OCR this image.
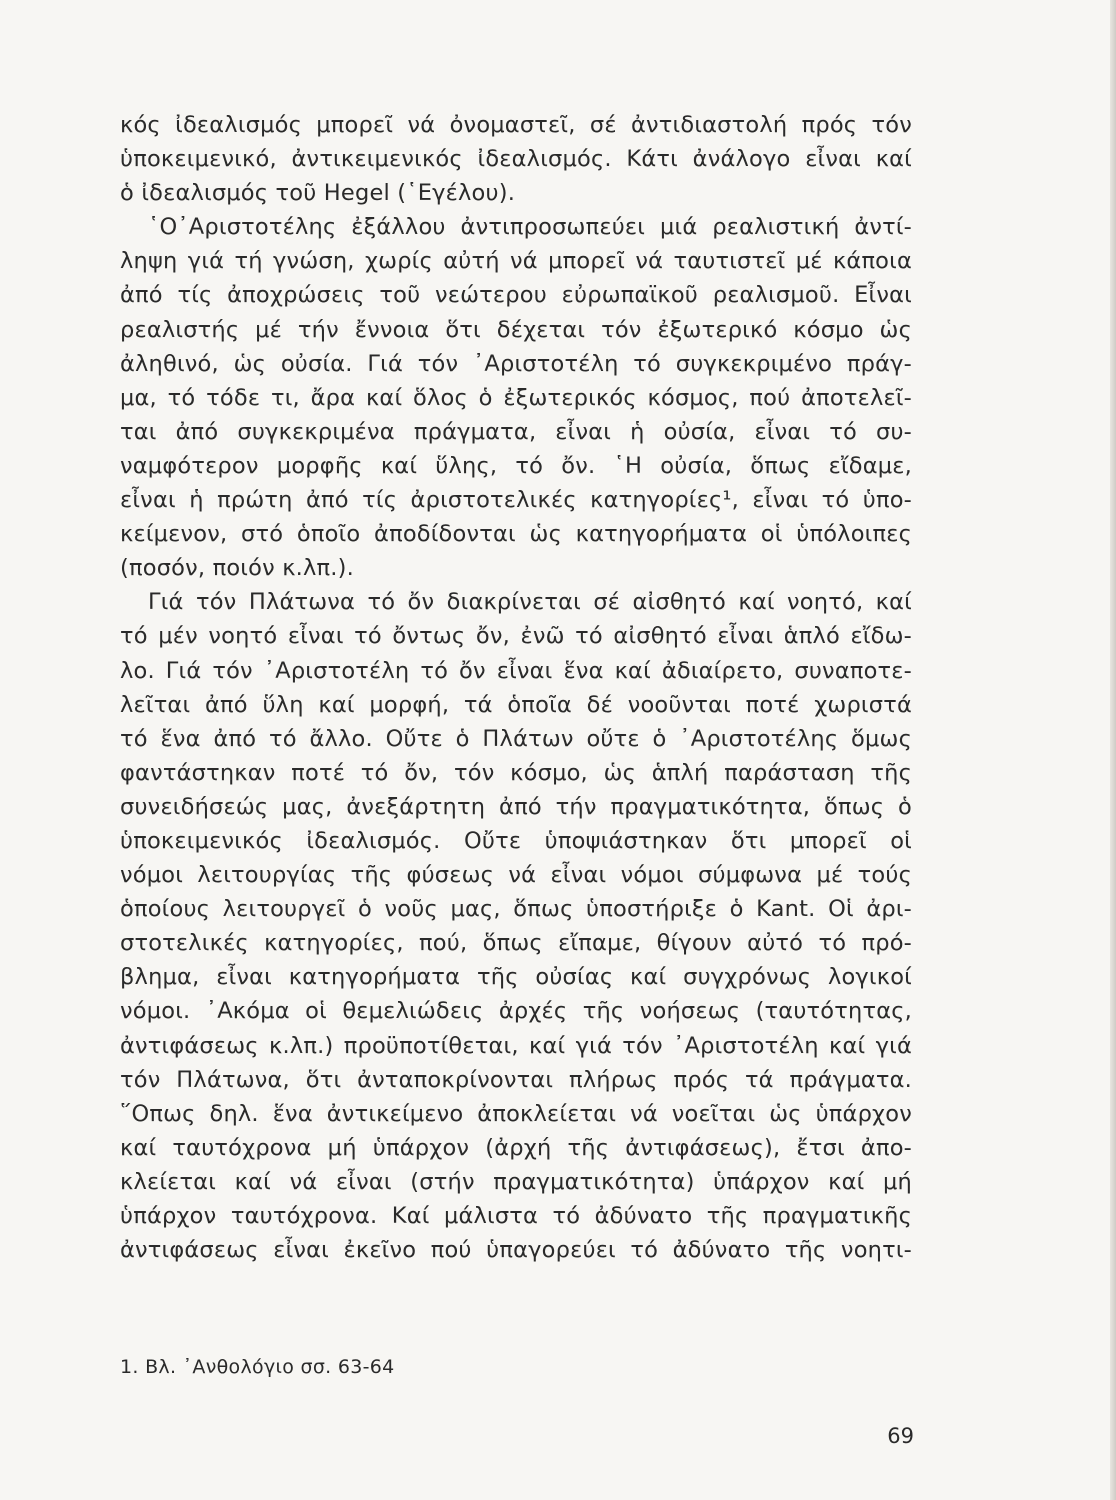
κός ἰδεαλισμός μπορεῖ νά ὀνομαστεῖ, σέ ἀντιδιαστολή πρός τόν
ὑποκειμενικό, ἀντικειμενικός ἰδεαλισμός. Κάτι ἀνάλογο εἶναι καί
ὁ ἰδεαλισμός τοῦ Hegel (῾Εγέλου).
῾Ο᾿Αριστοτέλης ἐξάλλου ἀντιπροσωπεύει μιά ρεαλιστική ἀντί-
ληψη γιά τή γνώση, χωρίς αὐτή νά μπορεῖ νά ταυτιστεῖ μέ κάποια
ἀπό τίς ἀποχρώσεις τοῦ νεώτερου εὐρωπαϊκοῦ ρεαλισμοῦ. Εἶναι
ρεαλιστής μέ τήν ἔννοια ὅτι δέχεται τόν ἐξωτερικό κόσμο ὡς
ἀληθινό, ὡς οὐσία. Γιά τόν ᾿Αριστοτέλη τό συγκεκριμένο πράγ-
μα, τό τόδε τι, ἄρα καί ὅλος ὁ ἐξωτερικός κόσμος, πού ἀποτελεῖ-
ται ἀπό συγκεκριμένα πράγματα, εἶναι ἡ οὐσία, εἶναι τό συ-
ναμφότερον μορφῆς καί ὕλης, τό ὄν. ῾Η οὐσία, ὅπως εἴδαμε,
εἶναι ἡ πρώτη ἀπό τίς ἀριστοτελικές κατηγορίες¹, εἶναι τό ὑπο-
κείμενον, στό ὁποῖο ἀποδίδονται ὡς κατηγορήματα οἱ ὑπόλοιπες
(ποσόν, ποιόν κ.λπ.).
Γιά τόν Πλάτωνα τό ὄν διακρίνεται σέ αἰσθητό καί νοητό, καί
τό μέν νοητό εἶναι τό ὄντως ὄν, ἐνῶ τό αἰσθητό εἶναι ἁπλό εἴδω-
λο. Γιά τόν ᾿Αριστοτέλη τό ὄν εἶναι ἕνα καί ἀδιαίρετο, συναποτε-
λεῖται ἀπό ὕλη καί μορφή, τά ὁποῖα δέ νοοῦνται ποτέ χωριστά
τό ἕνα ἀπό τό ἄλλο. Οὔτε ὁ Πλάτων οὔτε ὁ ᾿Αριστοτέλης ὅμως
φαντάστηκαν ποτέ τό ὄν, τόν κόσμο, ὡς ἁπλή παράσταση τῆς
συνειδήσεώς μας, ἀνεξάρτητη ἀπό τήν πραγματικότητα, ὅπως ὁ
ὑποκειμενικός ἰδεαλισμός. Οὔτε ὑποψιάστηκαν ὅτι μπορεῖ οἱ
νόμοι λειτουργίας τῆς φύσεως νά εἶναι νόμοι σύμφωνα μέ τούς
ὁποίους λειτουργεῖ ὁ νοῦς μας, ὅπως ὑποστήριξε ὁ Kant. Οἱ ἀρι-
στοτελικές κατηγορίες, πού, ὅπως εἴπαμε, θίγουν αὐτό τό πρό-
βλημα, εἶναι κατηγορήματα τῆς οὐσίας καί συγχρόνως λογικοί
νόμοι. ᾿Ακόμα οἱ θεμελιώδεις ἀρχές τῆς νοήσεως (ταυτότητας,
ἀντιφάσεως κ.λπ.) προϋποτίθεται, καί γιά τόν ᾿Αριστοτέλη καί γιά
τόν Πλάτωνα, ὅτι ἀνταποκρίνονται πλήρως πρός τά πράγματα.
῞Οπως δηλ. ἕνα ἀντικείμενο ἀποκλείεται νά νοεῖται ὡς ὑπάρχον
καί ταυτόχρονα μή ὑπάρχον (ἀρχή τῆς ἀντιφάσεως), ἔτσι ἀπο-
κλείεται καί νά εἶναι (στήν πραγματικότητα) ὑπάρχον καί μή
ὑπάρχον ταυτόχρονα. Καί μάλιστα τό ἀδύνατο τῆς πραγματικῆς
ἀντιφάσεως εἶναι ἐκεῖνο πού ὑπαγορεύει τό ἀδύνατο τῆς νοητι-
1. Βλ. ᾿Ανθολόγιο σσ. 63-64
69
